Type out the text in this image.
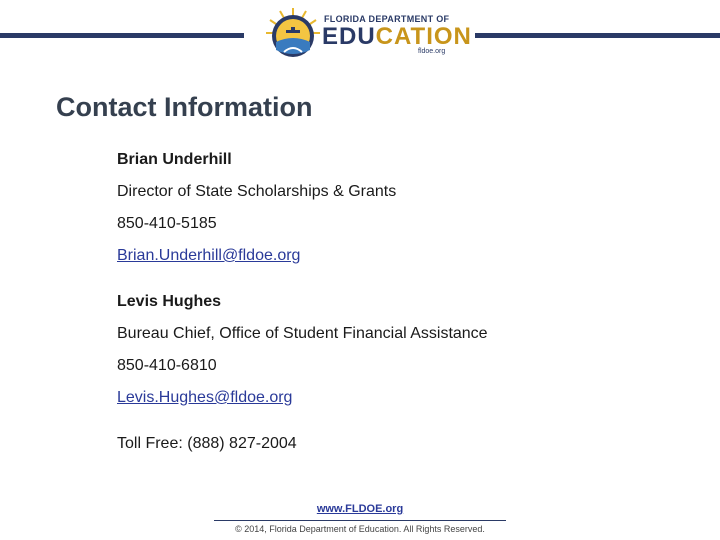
FLORIDA DEPARTMENT OF
EDUCATION
fldoe.org
Contact Information
Brian Underhill
Director of State Scholarships & Grants
850-410-5185
Brian.Underhill@fldoe.org
Levis Hughes
Bureau Chief, Office of Student Financial Assistance
850-410-6810
Levis.Hughes@fldoe.org
Toll Free: (888) 827-2004
www.FLDOE.org
© 2014, Florida Department of Education. All Rights Reserved.
